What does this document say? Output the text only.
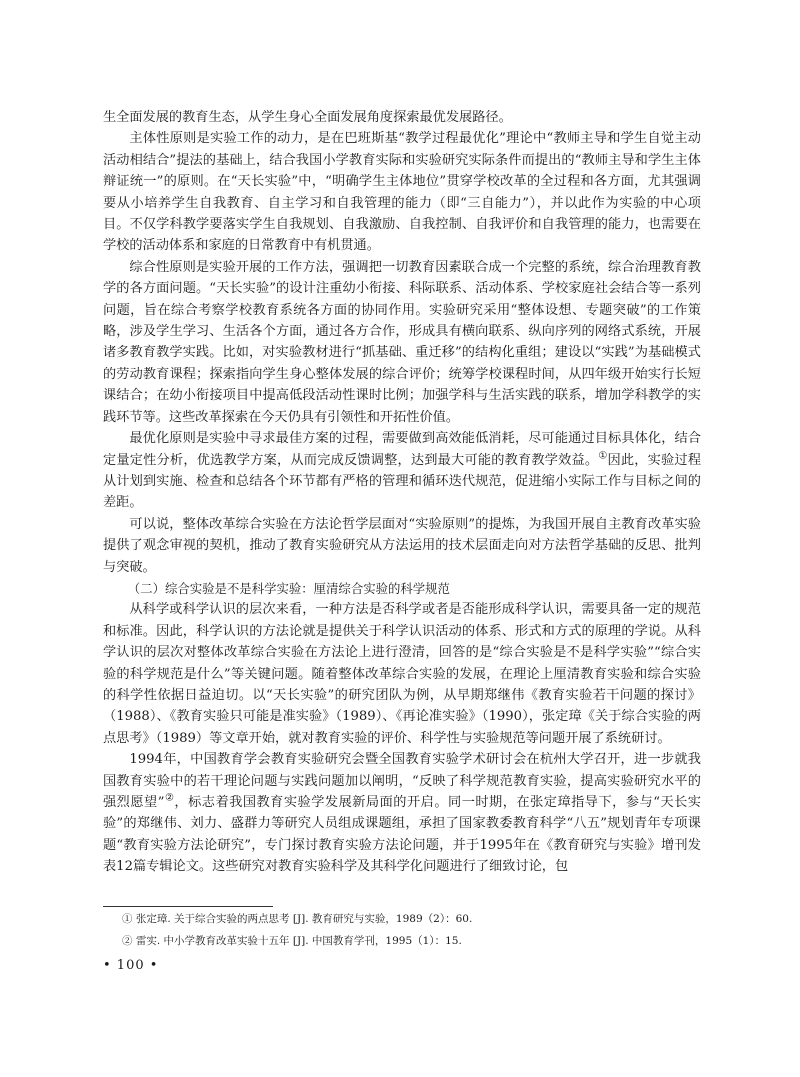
生全面发展的教育生态，从学生身心全面发展角度探索最优发展路径。

主体性原则是实验工作的动力，是在巴班斯基“教学过程最优化”理论中“教师主导和学生自觉主动活动相结合”提法的基础上，结合我国小学教育实际和实验研究实际条件而提出的“教师主导和学生主体辩证统一”的原则。在“天长实验”中，“明确学生主体地位”贯穿学校改革的全过程和各方面，尤其强调要从小培养学生自我教育、自主学习和自我管理的能力（即“三自能力”），并以此作为实验的中心项目。不仅学科教学要落实学生自我规划、自我激励、自我控制、自我评价和自我管理的能力，也需要在学校的活动体系和家庭的日常教育中有机贯通。

综合性原则是实验开展的工作方法，强调把一切教育因素联合成一个完整的系统，综合治理教育教学的各方面问题。“天长实验”的设计注重幼小衔接、科际联系、活动体系、学校家庭社会结合等一系列问题，旨在综合考察学校教育系统各方面的协同作用。实验研究采用“整体设想、专题突破”的工作策略，涉及学生学习、生活各个方面，通过各方合作，形成具有横向联系、纵向序列的网络式系统，开展诸多教育教学实践。比如，对实验教材进行“抓基础、重迁移”的结构化重组；建设以“实践”为基础模式的劳动教育课程；探索指向学生身心整体发展的综合评价；统筹学校课程时间，从四年级开始实行长短课结合；在幼小衔接项目中提高低段活动性课时比例；加强学科与生活实践的联系，增加学科教学的实践环节等。这些改革探索在今天仍具有引领性和开拓性价值。

最优化原则是实验中寻求最佳方案的过程，需要做到高效能低消耗，尽可能通过目标具体化，结合定量定性分析，优选教学方案，从而完成反馈调整，达到最大可能的教育教学效益。①因此，实验过程从计划到实施、检查和总结各个环节都有严格的管理和循环迭代规范，促进缩小实际工作与目标之间的差距。

可以说，整体改革综合实验在方法论哲学层面对“实验原则”的提炼，为我国开展自主教育改革实验提供了观念审视的契机，推动了教育实验研究从方法运用的技术层面走向对方法哲学基础的反思、批判与突破。

（二）综合实验是不是科学实验：厘清综合实验的科学规范

从科学或科学认识的层次来看，一种方法是否科学或者是否能形成科学认识，需要具备一定的规范和标准。因此，科学认识的方法论就是提供关于科学认识活动的体系、形式和方式的原理的学说。从科学认识的层次对整体改革综合实验在方法论上进行澄清，回答的是“综合实验是不是科学实验”“综合实验的科学规范是什么”等关键问题。随着整体改革综合实验的发展，在理论上厘清教育实验和综合实验的科学性依据日益迫切。以“天长实验”的研究团队为例，从早期郑继伟《教育实验若干问题的探讨》（1988）、《教育实验只可能是准实验》（1989）、《再论准实验》（1990），张定璋《关于综合实验的两点思考》（1989）等文章开始，就对教育实验的评价、科学性与实验规范等问题开展了系统研讨。

1994年，中国教育学会教育实验研究会暨全国教育实验学术研讨会在杭州大学召开，进一步就我国教育实验中的若干理论问题与实践问题加以阐明，“反映了科学规范教育实验，提高实验研究水平的强烈愿望”②，标志着我国教育实验学发展新局面的开启。同一时期，在张定璋指导下，参与“天长实验”的郑继伟、刘力、盛群力等研究人员组成课题组，承担了国家教委教育科学“八五”规划青年专项课题“教育实验方法论研究”，专门探讨教育实验方法论问题，并于1995年在《教育研究与实验》增刊发表12篇专辑论文。这些研究对教育实验科学及其科学化问题进行了细致讨论，包

① 张定璋. 关于综合实验的两点思考 [J]. 教育研究与实验，1989（2）：60.
② 雷实. 中小学教育改革实验十五年 [J]. 中国教育学刊，1995（1）：15.
• 100 •
